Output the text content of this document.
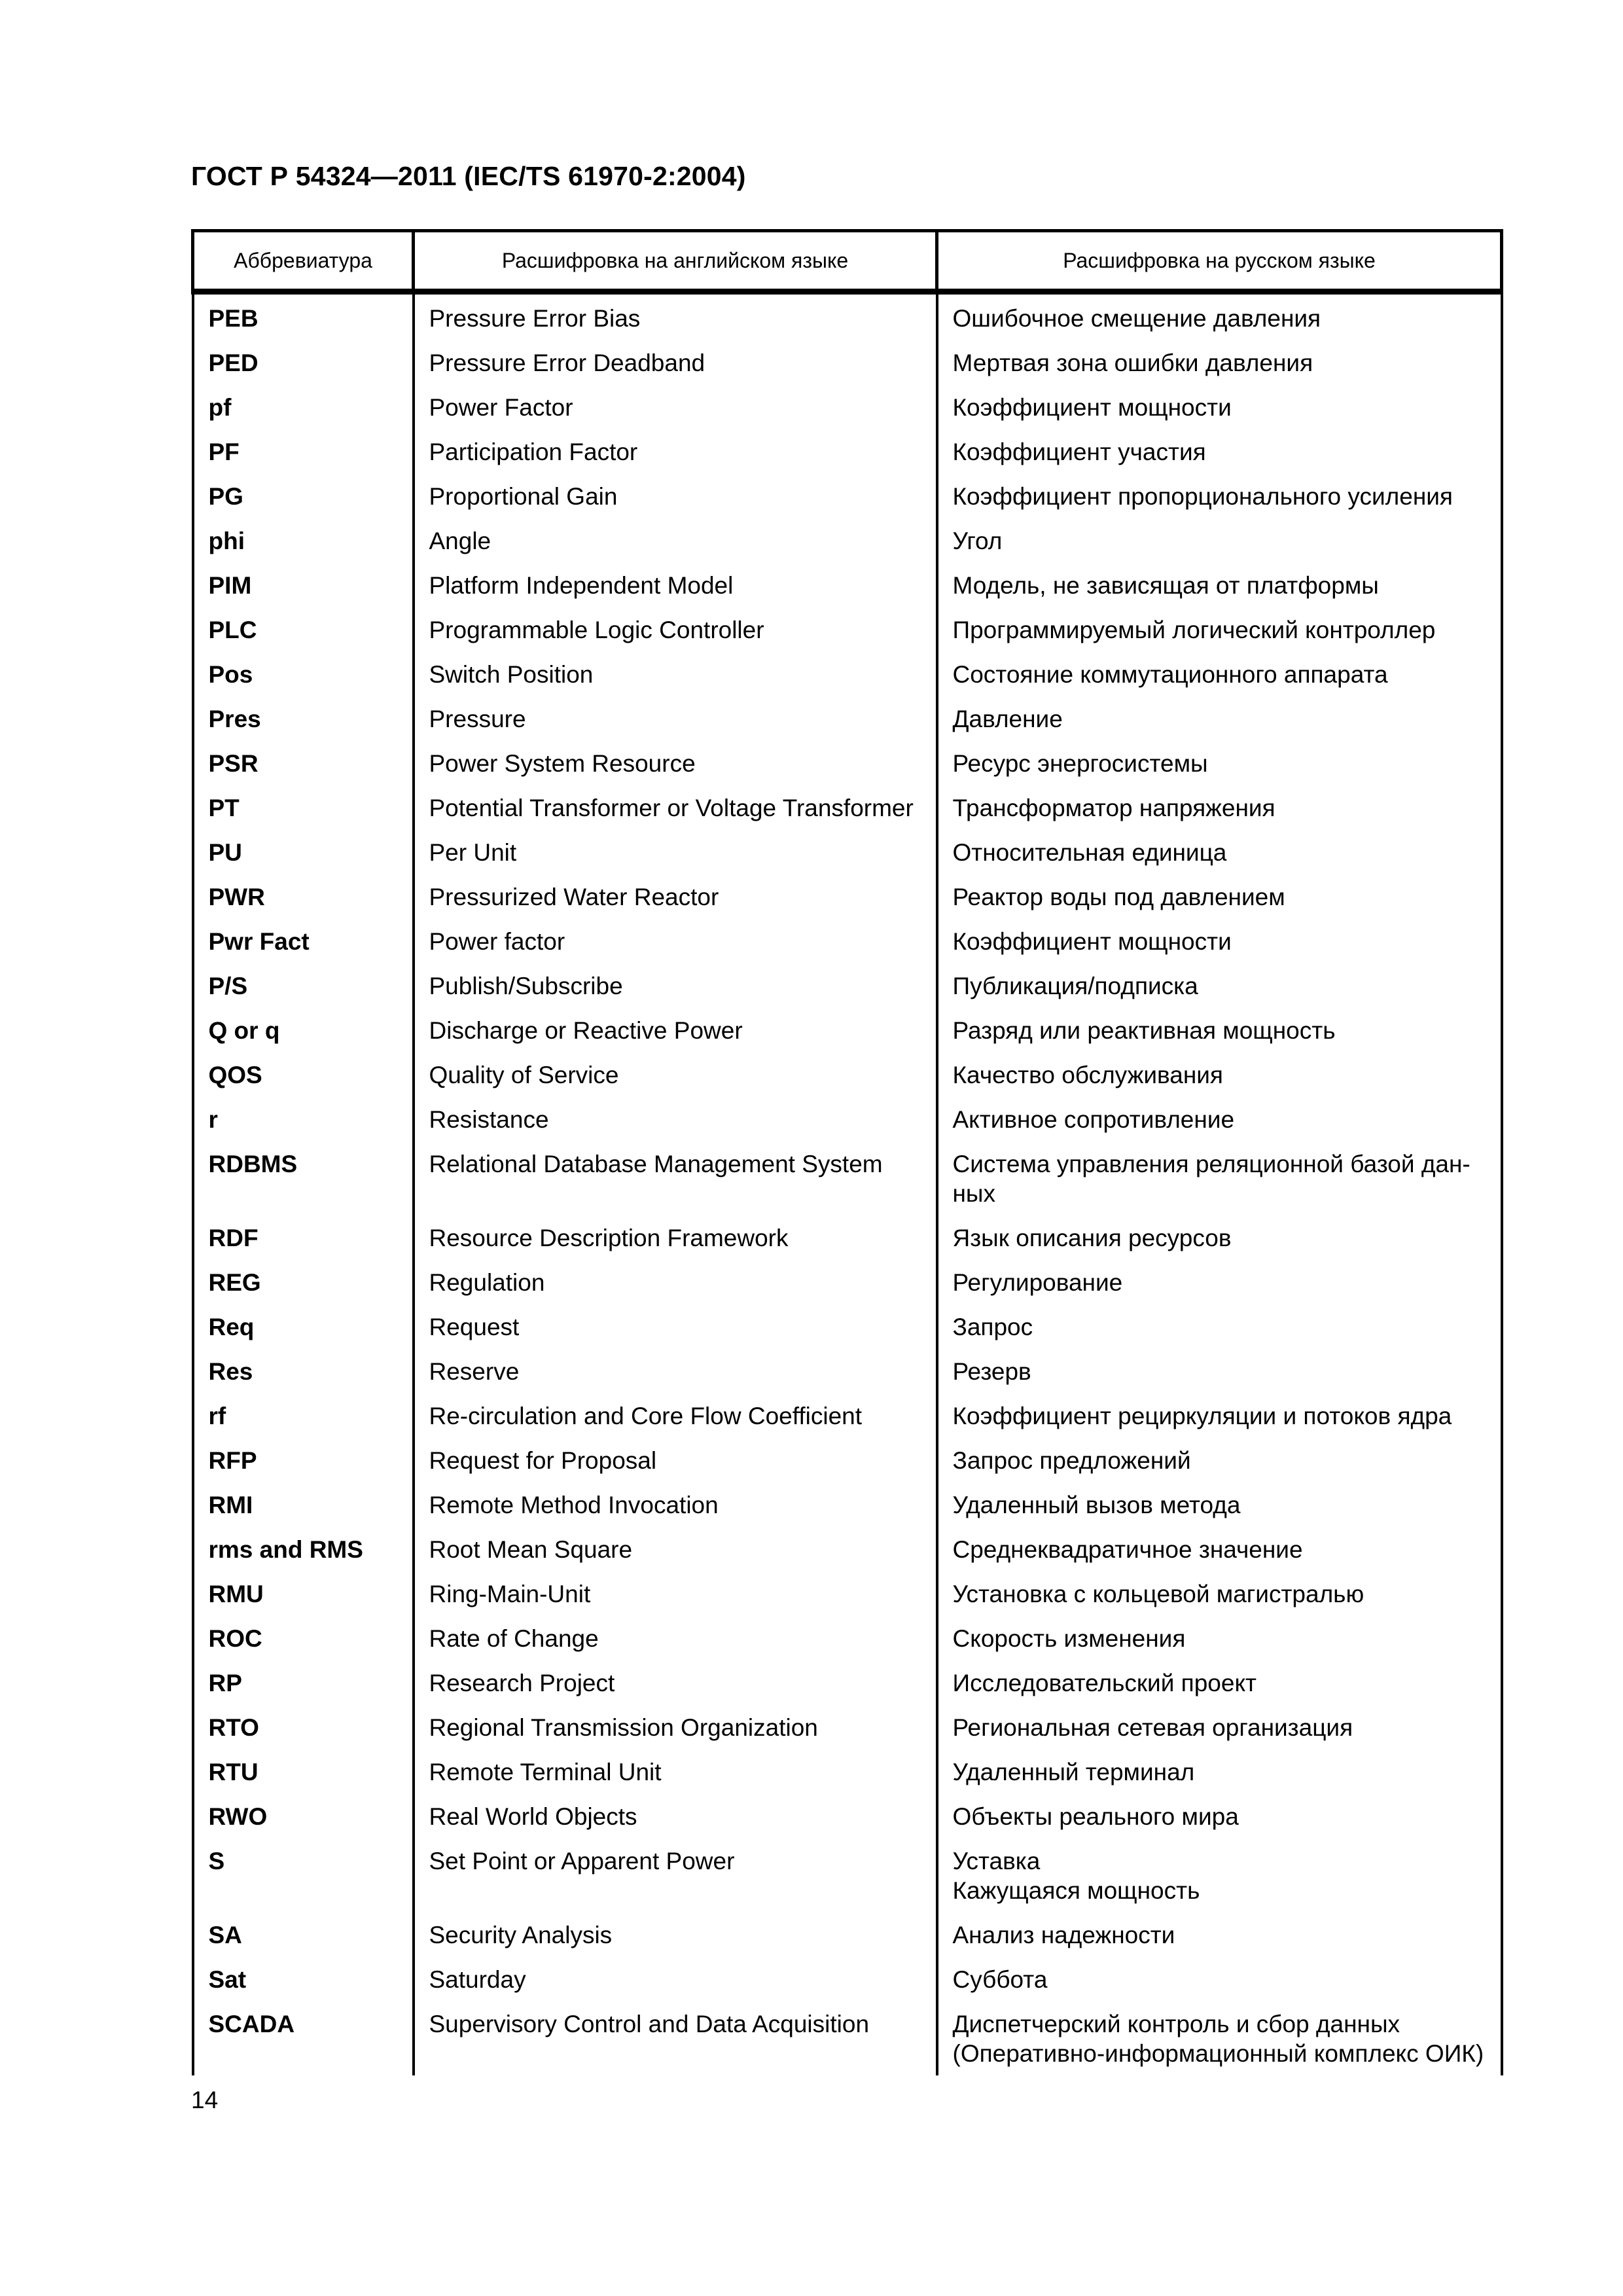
ГОСТ Р 54324—2011 (IEC/TS 61970-2:2004)
Аббревиатура	Расшифровка на английском языке	Расшифровка на русском языке
PEB	Pressure Error Bias	Ошибочное смещение давления
PED	Pressure Error Deadband	Мертвая зона ошибки давления
pf	Power Factor	Коэффициент мощности
PF	Participation Factor	Коэффициент участия
PG	Proportional Gain	Коэффициент пропорционального усиления
phi	Angle	Угол
PIM	Platform Independent Model	Модель, не зависящая от платформы
PLC	Programmable Logic Controller	Программируемый логический контроллер
Pos	Switch Position	Состояние коммутационного аппарата
Pres	Pressure	Давление
PSR	Power System Resource	Ресурс энергосистемы
PT	Potential Transformer or Voltage Transformer	Трансформатор напряжения
PU	Per Unit	Относительная единица
PWR	Pressurized Water Reactor	Реактор воды под давлением
Pwr Fact	Power factor	Коэффициент мощности
P/S	Publish/Subscribe	Публикация/подписка
Q or q	Discharge or Reactive Power	Разряд или реактивная мощность
QOS	Quality of Service	Качество обслуживания
r	Resistance	Активное сопротивление
RDBMS	Relational Database Management System	Система управления реляционной базой дан-
ных
RDF	Resource Description Framework	Язык описания ресурсов
REG	Regulation	Регулирование
Req	Request	Запрос
Res	Reserve	Резерв
rf	Re-circulation and Core Flow Coefficient	Коэффициент рециркуляции и потоков ядра
RFP	Request for Proposal	Запрос предложений
RMI	Remote Method Invocation	Удаленный вызов метода
rms and RMS	Root Mean Square	Среднеквадратичное значение
RMU	Ring-Main-Unit	Установка с кольцевой магистралью
ROC	Rate of Change	Скорость изменения
RP	Research Project	Исследовательский проект
RTO	Regional Transmission Organization	Региональная сетевая организация
RTU	Remote Terminal Unit	Удаленный терминал
RWO	Real World Objects	Объекты реального мира
S	Set Point or Apparent Power	Уставка
Кажущаяся мощность
SA	Security Analysis	Анализ надежности
Sat	Saturday	Суббота
SCADA	Supervisory Control and Data Acquisition	Диспетчерский контроль и сбор данных
(Оперативно-информационный комплекс ОИК)
14
